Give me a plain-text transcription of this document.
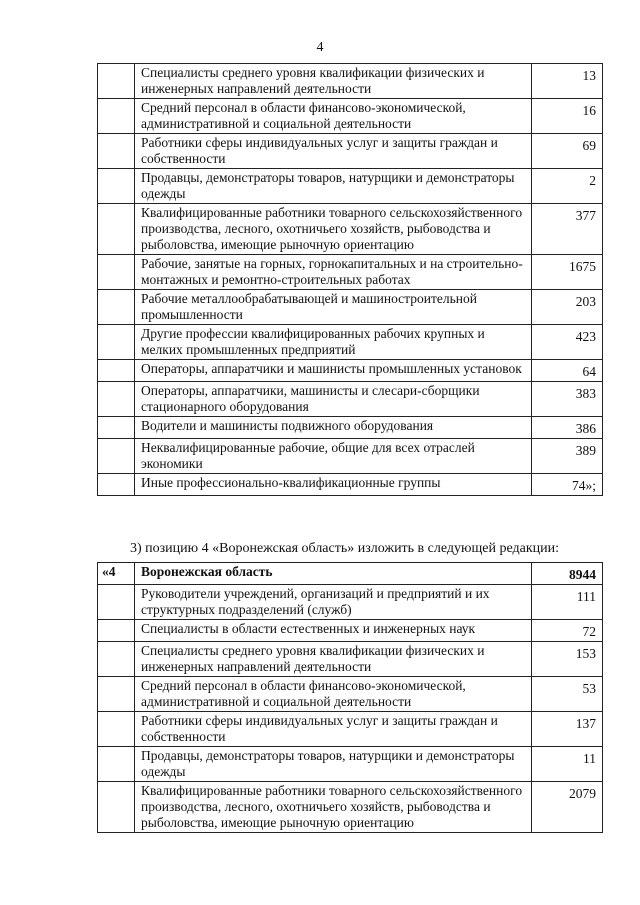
4
	Специалисты среднего уровня квалификации физических и инженерных направлений деятельности	13

	Средний персонал в области финансово-экономической, административной и социальной деятельности	16

	Работники сферы индивидуальных услуг и защиты граждан и собственности	69

	Продавцы, демонстраторы товаров, натурщики и демонстраторы одежды	2

	Квалифицированные работники товарного сельскохозяйственного производства, лесного, охотничьего хозяйств, рыбоводства и рыболовства, имеющие рыночную ориентацию	377

	Рабочие, занятые на горных, горнокапитальных и на строительно-монтажных и ремонтно-строительных работах	1675

	Рабочие металлообрабатывающей и машиностроительной промышленности	203

	Другие профессии квалифицированных рабочих крупных и мелких промышленных предприятий	423

	Операторы, аппаратчики и машинисты промышленных установок	64

	Операторы, аппаратчики, машинисты и слесари-сборщики стационарного оборудования	383

	Водители и машинисты подвижного оборудования	386

	Неквалифицированные рабочие, общие для всех отраслей экономики	389

	Иные профессионально-квалификационные группы	74»;
3) позицию 4 «Воронежская область» изложить в следующей редакции:
«4	Воронежская область	8944

	Руководители учреждений, организаций и предприятий и их структурных подразделений (служб)	111

	Специалисты в области естественных и инженерных наук	72

	Специалисты среднего уровня квалификации физических и инженерных направлений деятельности	153

	Средний персонал в области финансово-экономической, административной и социальной деятельности	53

	Работники сферы индивидуальных услуг и защиты граждан и собственности	137

	Продавцы, демонстраторы товаров, натурщики и демонстраторы одежды	11

	Квалифицированные работники товарного сельскохозяйственного производства, лесного, охотничьего хозяйств, рыбоводства и рыболовства, имеющие рыночную ориентацию	2079
